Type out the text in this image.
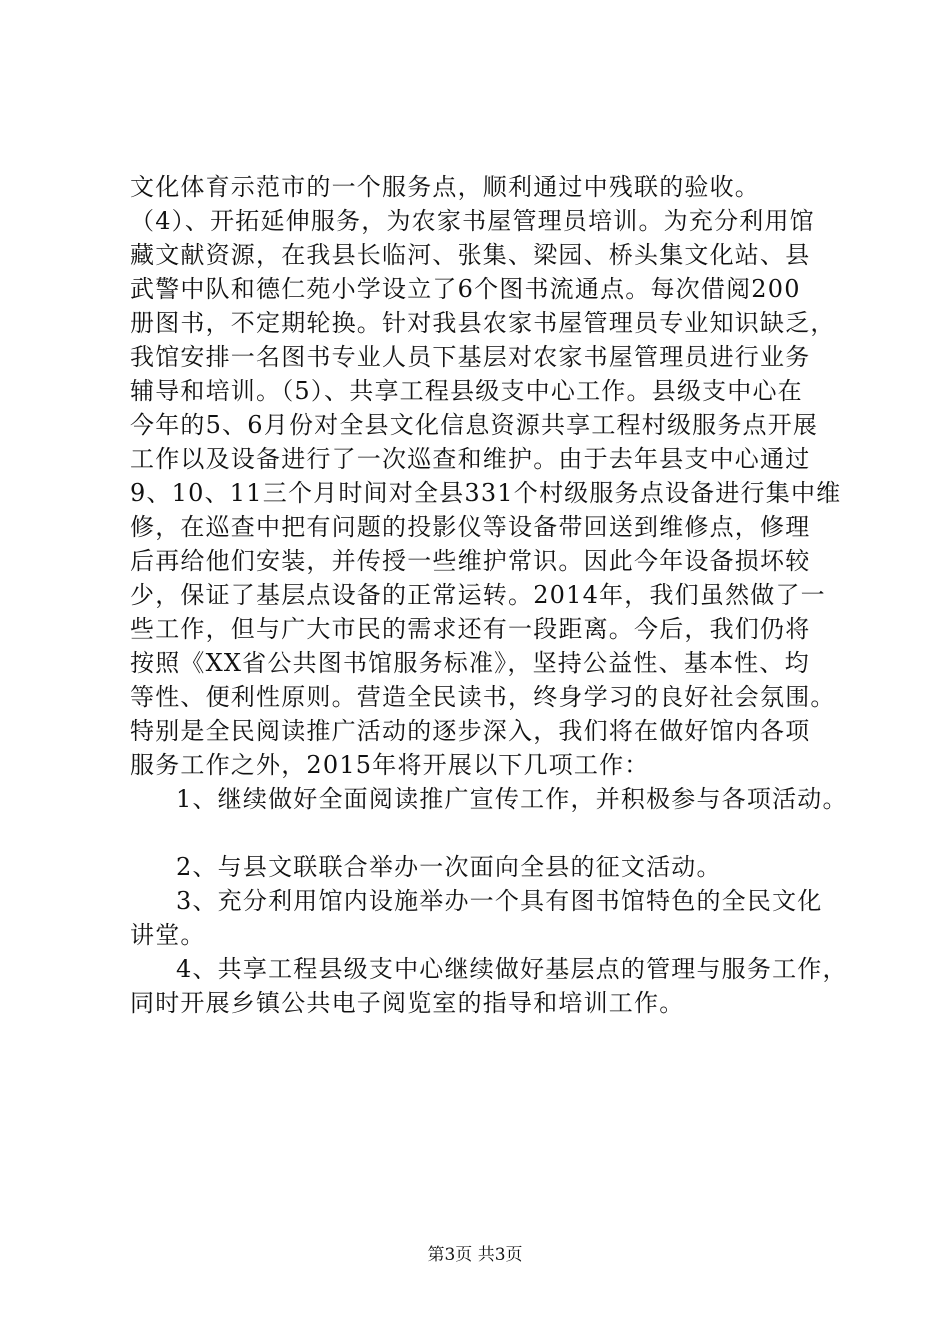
文化体育示范市的一个服务点，顺利通过中残联的验收。
（4）、开拓延伸服务，为农家书屋管理员培训。为充分利用馆
藏文献资源，在我县长临河、张集、梁园、桥头集文化站、县
武警中队和德仁苑小学设立了6个图书流通点。每次借阅200
册图书，不定期轮换。针对我县农家书屋管理员专业知识缺乏，
我馆安排一名图书专业人员下基层对农家书屋管理员进行业务
辅导和培训。（5）、共享工程县级支中心工作。县级支中心在
今年的5、6月份对全县文化信息资源共享工程村级服务点开展
工作以及设备进行了一次巡查和维护。由于去年县支中心通过
9、10、11三个月时间对全县331个村级服务点设备进行集中维
修，在巡查中把有问题的投影仪等设备带回送到维修点，修理
后再给他们安装，并传授一些维护常识。因此今年设备损坏较
少，保证了基层点设备的正常运转。2014年，我们虽然做了一
些工作，但与广大市民的需求还有一段距离。今后，我们仍将
按照《XX省公共图书馆服务标准》，坚持公益性、基本性、均
等性、便利性原则。营造全民读书，终身学习的良好社会氛围。
特别是全民阅读推广活动的逐步深入，我们将在做好馆内各项
服务工作之外，2015年将开展以下几项工作：
1、继续做好全面阅读推广宣传工作，并积极参与各项活动。
2、与县文联联合举办一次面向全县的征文活动。
3、充分利用馆内设施举办一个具有图书馆特色的全民文化
讲堂。
4、共享工程县级支中心继续做好基层点的管理与服务工作，
同时开展乡镇公共电子阅览室的指导和培训工作。
第3页 共3页
